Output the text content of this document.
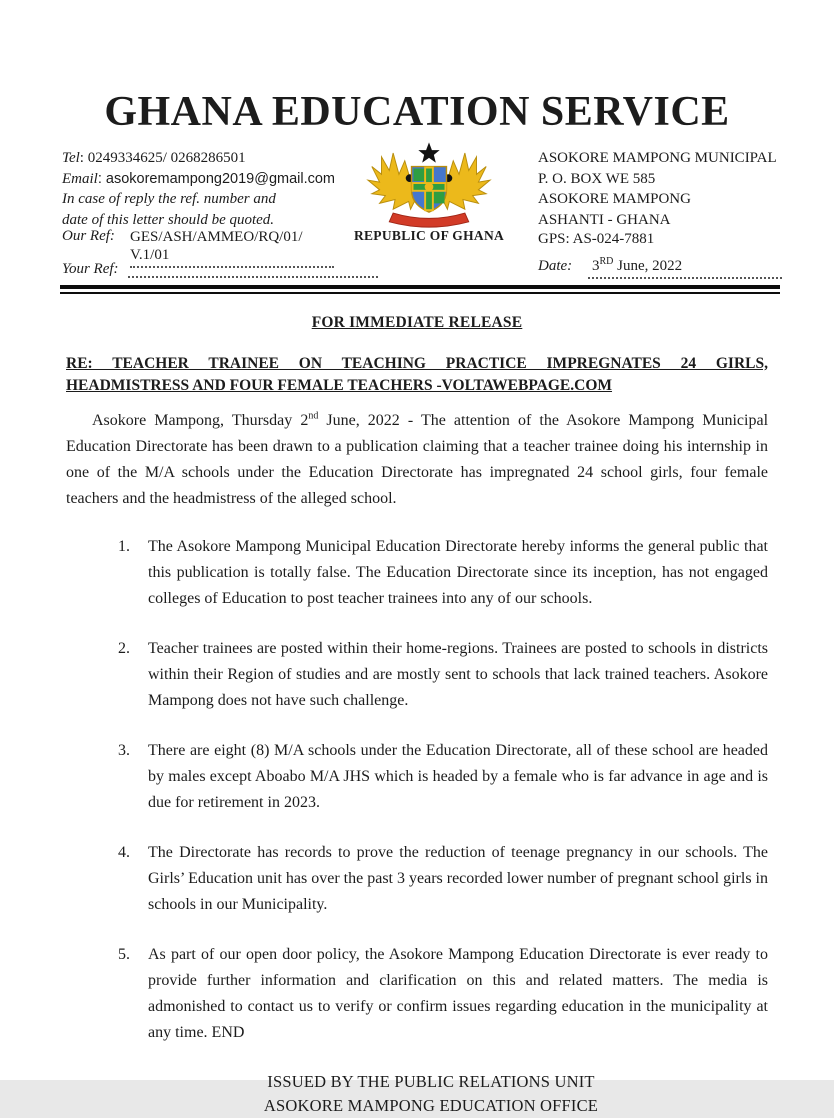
GHANA EDUCATION SERVICE
Tel: 0249334625/ 0268286501
Email: asokoremampong2019@gmail.com
In case of reply the ref. number and
date of this letter should be quoted.
REPUBLIC OF GHANA
ASOKORE MAMPONG MUNICIPAL
P. O. BOX WE 585
ASOKORE MAMPONG
ASHANTI - GHANA
GPS: AS-024-7881
Our Ref: GES/ASH/AMMEO/RQ/01/
V.1/01
Your Ref:	Date: 3RD June, 2022
FOR IMMEDIATE RELEASE
RE: TEACHER TRAINEE ON TEACHING PRACTICE IMPREGNATES 24 GIRLS,
HEADMISTRESS AND FOUR FEMALE TEACHERS -VOLTAWEBPAGE.COM

Asokore Mampong, Thursday 2nd June, 2022 - The attention of the Asokore Mampong Municipal Education Directorate has been drawn to a publication claiming that a teacher trainee doing his internship in one of the M/A schools under the Education Directorate has impregnated 24 school girls, four female teachers and the headmistress of the alleged school.

1.	The Asokore Mampong Municipal Education Directorate hereby informs the general public that this publication is totally false. The Education Directorate since its inception, has not engaged colleges of Education to post teacher trainees into any of our schools.
2.	Teacher trainees are posted within their home-regions. Trainees are posted to schools in districts within their Region of studies and are mostly sent to schools that lack trained teachers. Asokore Mampong does not have such challenge.
3.	There are eight (8) M/A schools under the Education Directorate, all of these school are headed by males except Aboabo M/A JHS which is headed by a female who is far advance in age and is due for retirement in 2023.
4.	The Directorate has records to prove the reduction of teenage pregnancy in our schools. The Girls’ Education unit has over the past 3 years recorded lower number of pregnant school girls in schools in our Municipality.
5.	As part of our open door policy, the Asokore Mampong Education Directorate is ever ready to provide further information and clarification on this and related matters. The media is admonished to contact us to verify or confirm issues regarding education in the municipality at any time. END
ISSUED BY THE PUBLIC RELATIONS UNIT
ASOKORE MAMPONG EDUCATION OFFICE
